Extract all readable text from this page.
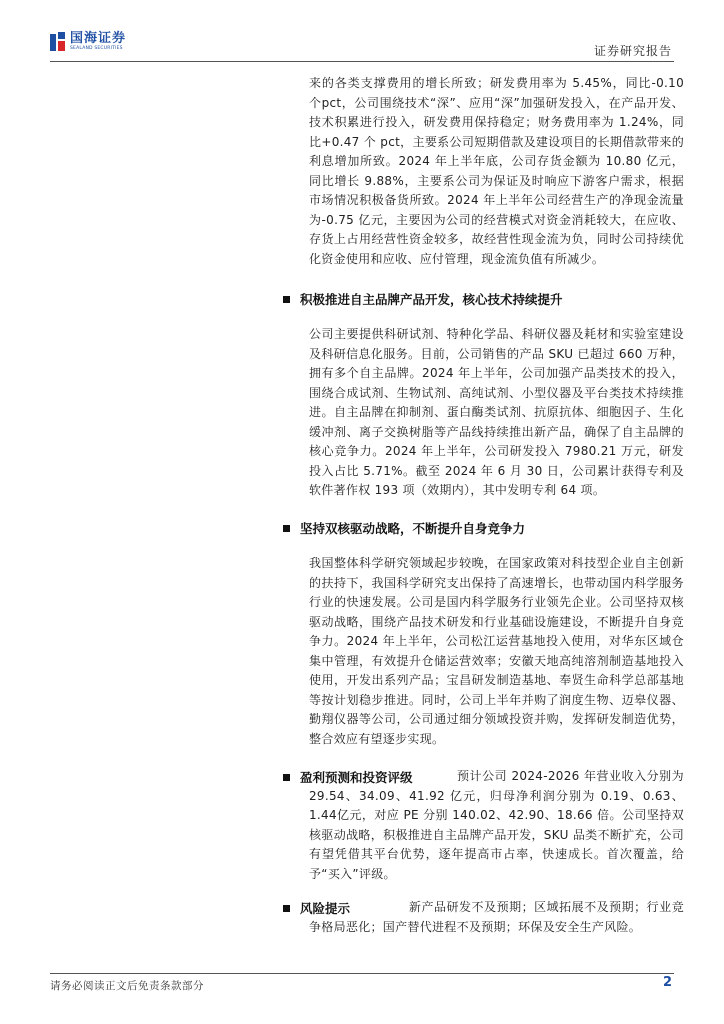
国海证券
SEALAND SECURITIES	证券研究报告

来的各类支撑费用的增长所致；研发费用率为 5.45%，同比-0.10 个pct，公司围绕技术“深”、应用“深”加强研发投入，在产品开发、技术积累进行投入，研发费用保持稳定；财务费用率为 1.24%，同比+0.47 个 pct，主要系公司短期借款及建设项目的长期借款带来的利息增加所致。2024 年上半年底，公司存货金额为 10.80 亿元，同比增长 9.88%，主要系公司为保证及时响应下游客户需求，根据市场情况积极备货所致。2024 年上半年公司经营生产的净现金流量为-0.75 亿元，主要因为公司的经营模式对资金消耗较大，在应收、存货上占用经营性资金较多，故经营性现金流为负，同时公司持续优化资金使用和应收、应付管理，现金流负值有所减少。

积极推进自主品牌产品开发，核心技术持续提升

公司主要提供科研试剂、特种化学品、科研仪器及耗材和实验室建设及科研信息化服务。目前，公司销售的产品 SKU 已超过 660 万种，拥有多个自主品牌。2024 年上半年，公司加强产品类技术的投入，围绕合成试剂、生物试剂、高纯试剂、小型仪器及平台类技术持续推进。自主品牌在抑制剂、蛋白酶类试剂、抗原抗体、细胞因子、生化缓冲剂、离子交换树脂等产品线持续推出新产品，确保了自主品牌的核心竞争力。2024 年上半年，公司研发投入 7980.21 万元，研发投入占比 5.71%。截至 2024 年 6 月 30 日，公司累计获得专利及软件著作权 193 项（效期内），其中发明专利 64 项。

坚持双核驱动战略，不断提升自身竞争力

我国整体科学研究领域起步较晚，在国家政策对科技型企业自主创新的扶持下，我国科学研究支出保持了高速增长，也带动国内科学服务行业的快速发展。公司是国内科学服务行业领先企业。公司坚持双核驱动战略，围绕产品技术研发和行业基础设施建设，不断提升自身竞争力。2024 年上半年，公司松江运营基地投入使用，对华东区域仓集中管理，有效提升仓储运营效率；安徽天地高纯溶剂制造基地投入使用，开发出系列产品；宝昌研发制造基地、奉贤生命科学总部基地等按计划稳步推进。同时，公司上半年并购了润度生物、迈皋仪器、勤翔仪器等公司，公司通过细分领域投资并购，发挥研发制造优势，整合效应有望逐步实现。

盈利预测和投资评级	预计公司 2024-2026 年营业收入分别为29.54、34.09、41.92 亿元，归母净利润分别为 0.19、0.63、1.44亿元，对应 PE 分别 140.02、42.90、18.66 倍。公司坚持双核驱动战略，积极推进自主品牌产品开发，SKU 品类不断扩充，公司有望凭借其平台优势，逐年提高市占率，快速成长。首次覆盖，给予“买入”评级。

风险提示	新产品研发不及预期；区域拓展不及预期；行业竞争格局恶化；国产替代进程不及预期；环保及安全生产风险。

请务必阅读正文后免责条款部分	2
